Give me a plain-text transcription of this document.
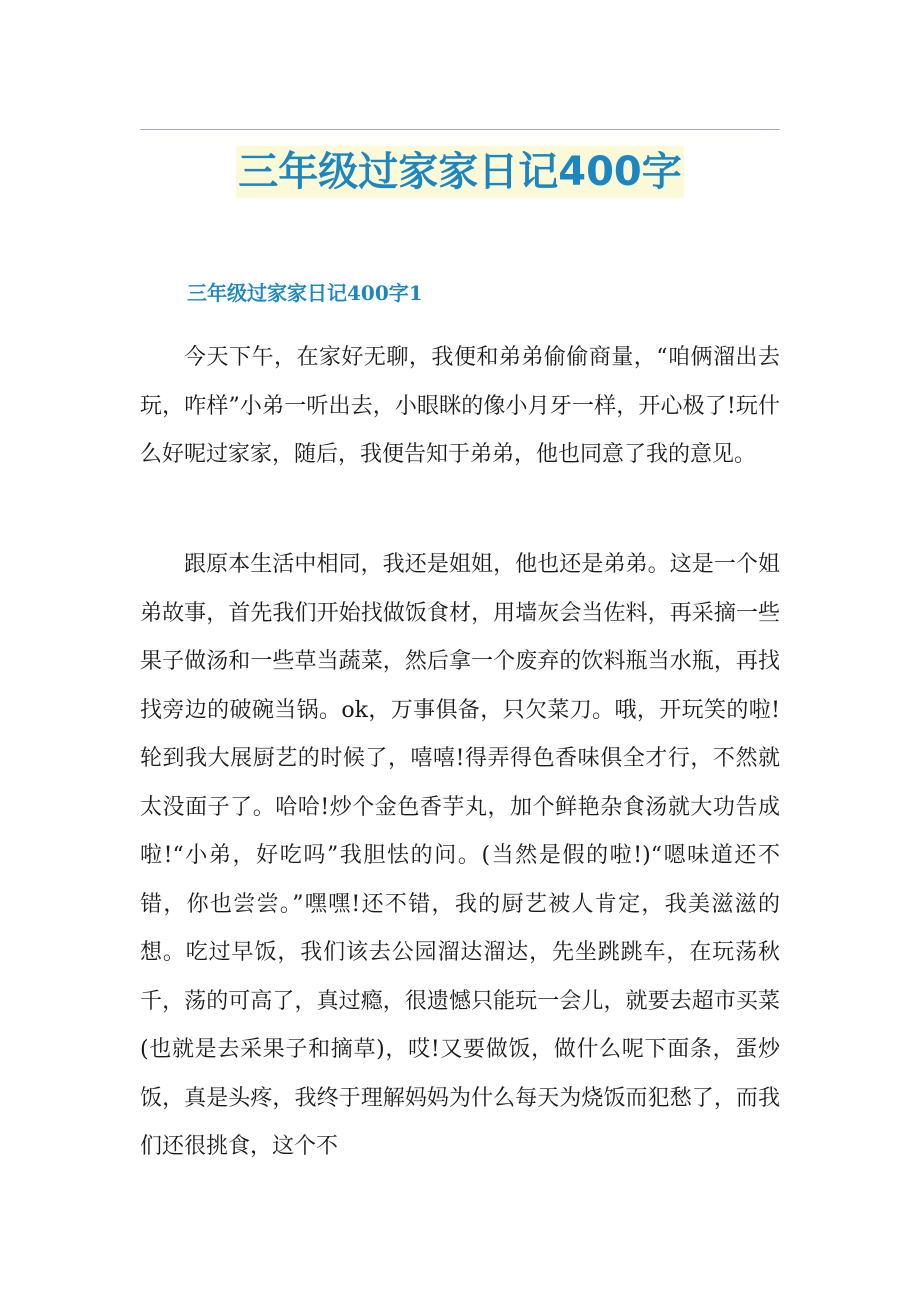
三年级过家家日记400字
三年级过家家日记400字1

今天下午，在家好无聊，我便和弟弟偷偷商量，“咱俩溜出去玩，咋样”小弟一听出去，小眼眯的像小月牙一样，开心极了!玩什么好呢过家家，随后，我便告知于弟弟，他也同意了我的意见。

跟原本生活中相同，我还是姐姐，他也还是弟弟。这是一个姐弟故事，首先我们开始找做饭食材，用墙灰会当佐料，再采摘一些果子做汤和一些草当蔬菜，然后拿一个废弃的饮料瓶当水瓶，再找找旁边的破碗当锅。ok，万事俱备，只欠菜刀。哦，开玩笑的啦!轮到我大展厨艺的时候了，嘻嘻!得弄得色香味俱全才行，不然就太没面子了。哈哈!炒个金色香芋丸，加个鲜艳杂食汤就大功告成啦!“小弟，好吃吗”我胆怯的问。(当然是假的啦!)“嗯味道还不错，你也尝尝。”嘿嘿!还不错，我的厨艺被人肯定，我美滋滋的想。吃过早饭，我们该去公园溜达溜达，先坐跳跳车，在玩荡秋千，荡的可高了，真过瘾，很遗憾只能玩一会儿，就要去超市买菜(也就是去采果子和摘草)，哎!又要做饭，做什么呢下面条，蛋炒饭，真是头疼，我终于理解妈妈为什么每天为烧饭而犯愁了，而我们还很挑食，这个不
